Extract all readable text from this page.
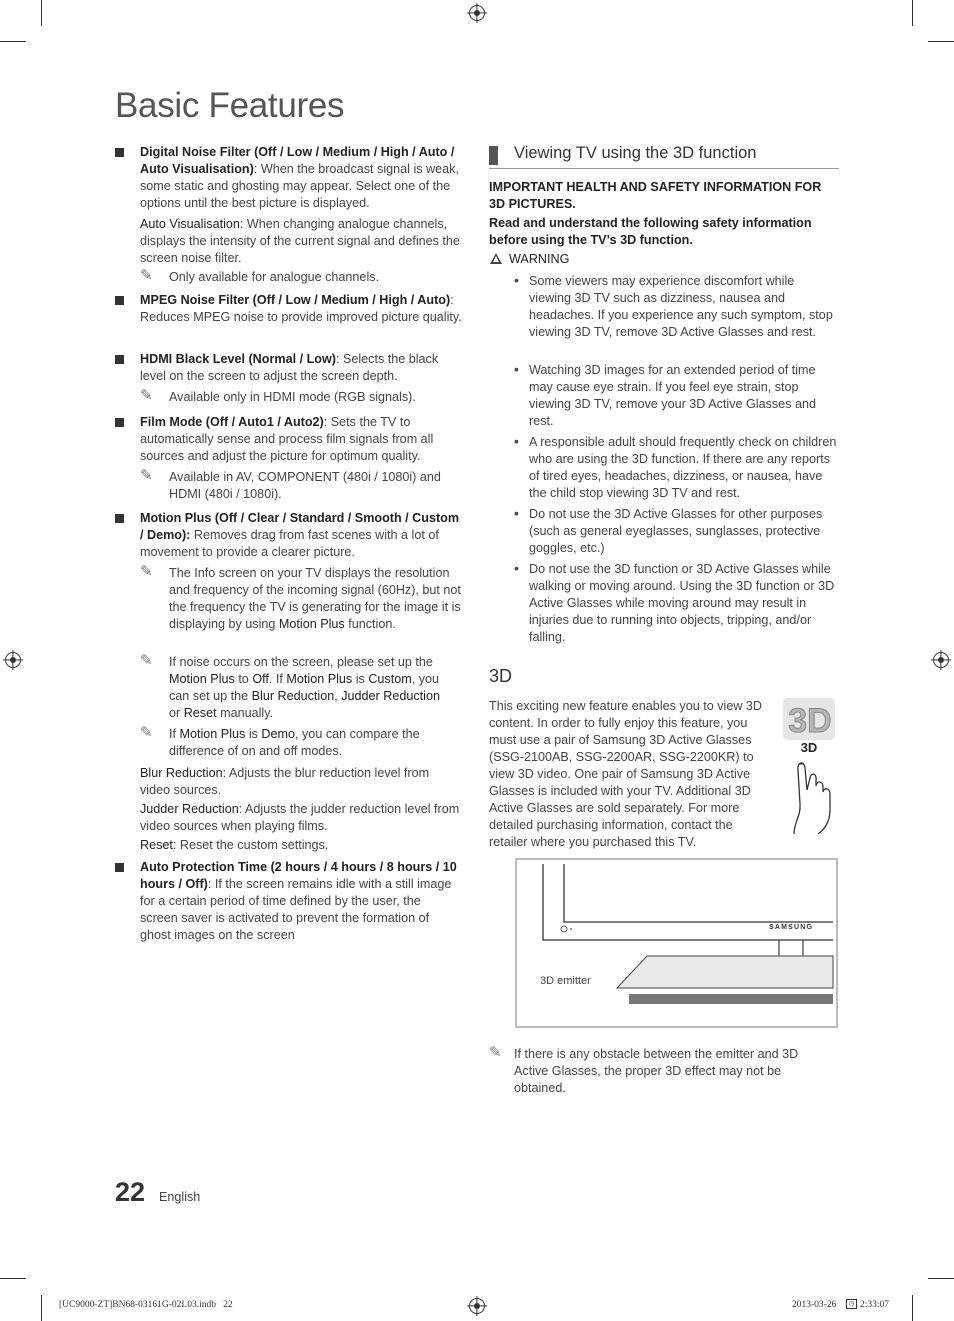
Basic Features
Digital Noise Filter (Off / Low / Medium / High / Auto / Auto Visualisation): When the broadcast signal is weak, some static and ghosting may appear. Select one of the options until the best picture is displayed.
Auto Visualisation: When changing analogue channels, displays the intensity of the current signal and defines the screen noise filter.
✎ Only available for analogue channels.
MPEG Noise Filter (Off / Low / Medium / High / Auto): Reduces MPEG noise to provide improved picture quality.
HDMI Black Level (Normal / Low): Selects the black level on the screen to adjust the screen depth.
✎ Available only in HDMI mode (RGB signals).
Film Mode (Off / Auto1 / Auto2): Sets the TV to automatically sense and process film signals from all sources and adjust the picture for optimum quality.
✎ Available in AV, COMPONENT (480i / 1080i) and HDMI (480i / 1080i).
Motion Plus (Off / Clear / Standard / Smooth / Custom / Demo): Removes drag from fast scenes with a lot of movement to provide a clearer picture.
✎ The Info screen on your TV displays the resolution and frequency of the incoming signal (60Hz), but not the frequency the TV is generating for the image it is displaying by using Motion Plus function.
✎ If noise occurs on the screen, please set up the Motion Plus to Off. If Motion Plus is Custom, you can set up the Blur Reduction, Judder Reduction
or Reset manually.
✎ If Motion Plus is Demo, you can compare the difference of on and off modes.
Blur Reduction: Adjusts the blur reduction level from video sources.
Judder Reduction: Adjusts the judder reduction level from video sources when playing films.
Reset: Reset the custom settings.
Auto Protection Time (2 hours / 4 hours / 8 hours / 10 hours / Off): If the screen remains idle with a still image for a certain period of time defined by the user, the screen saver is activated to prevent the formation of ghost images on the screen
Viewing TV using the 3D function
IMPORTANT HEALTH AND SAFETY INFORMATION FOR 3D PICTURES.
Read and understand the following safety information before using the TV’s 3D function.
WARNING
• Some viewers may experience discomfort while viewing 3D TV such as dizziness, nausea and headaches. If you experience any such symptom, stop viewing 3D TV, remove 3D Active Glasses and rest.
• Watching 3D images for an extended period of time may cause eye strain. If you feel eye strain, stop viewing 3D TV, remove your 3D Active Glasses and rest.
• A responsible adult should frequently check on children who are using the 3D function. If there are any reports of tired eyes, headaches, dizziness, or nausea, have the child stop viewing 3D TV and rest.
• Do not use the 3D Active Glasses for other purposes (such as general eyeglasses, sunglasses, protective goggles, etc.)
• Do not use the 3D function or 3D Active Glasses while walking or moving around. Using the 3D function or 3D Active Glasses while moving around may result in injuries due to running into objects, tripping, and/or falling.
3D
This exciting new feature enables you to view 3D content. In order to fully enjoy this feature, you must use a pair of Samsung 3D Active Glasses (SSG-2100AB, SSG-2200AR, SSG-2200KR) to view 3D video. One pair of Samsung 3D Active Glasses is included with your TV. Additional 3D Active Glasses are sold separately. For more detailed purchasing information, contact the retailer where you purchased this TV.
3D
3D
SAMSUNG
3D emitter
✎ If there is any obstacle between the emitter and 3D Active Glasses, the proper 3D effect may not be obtained.
22 English
[UC9000-ZT]BN68-03161G-02L03.indb   22	2013-03-26	◷ 2:33:07
